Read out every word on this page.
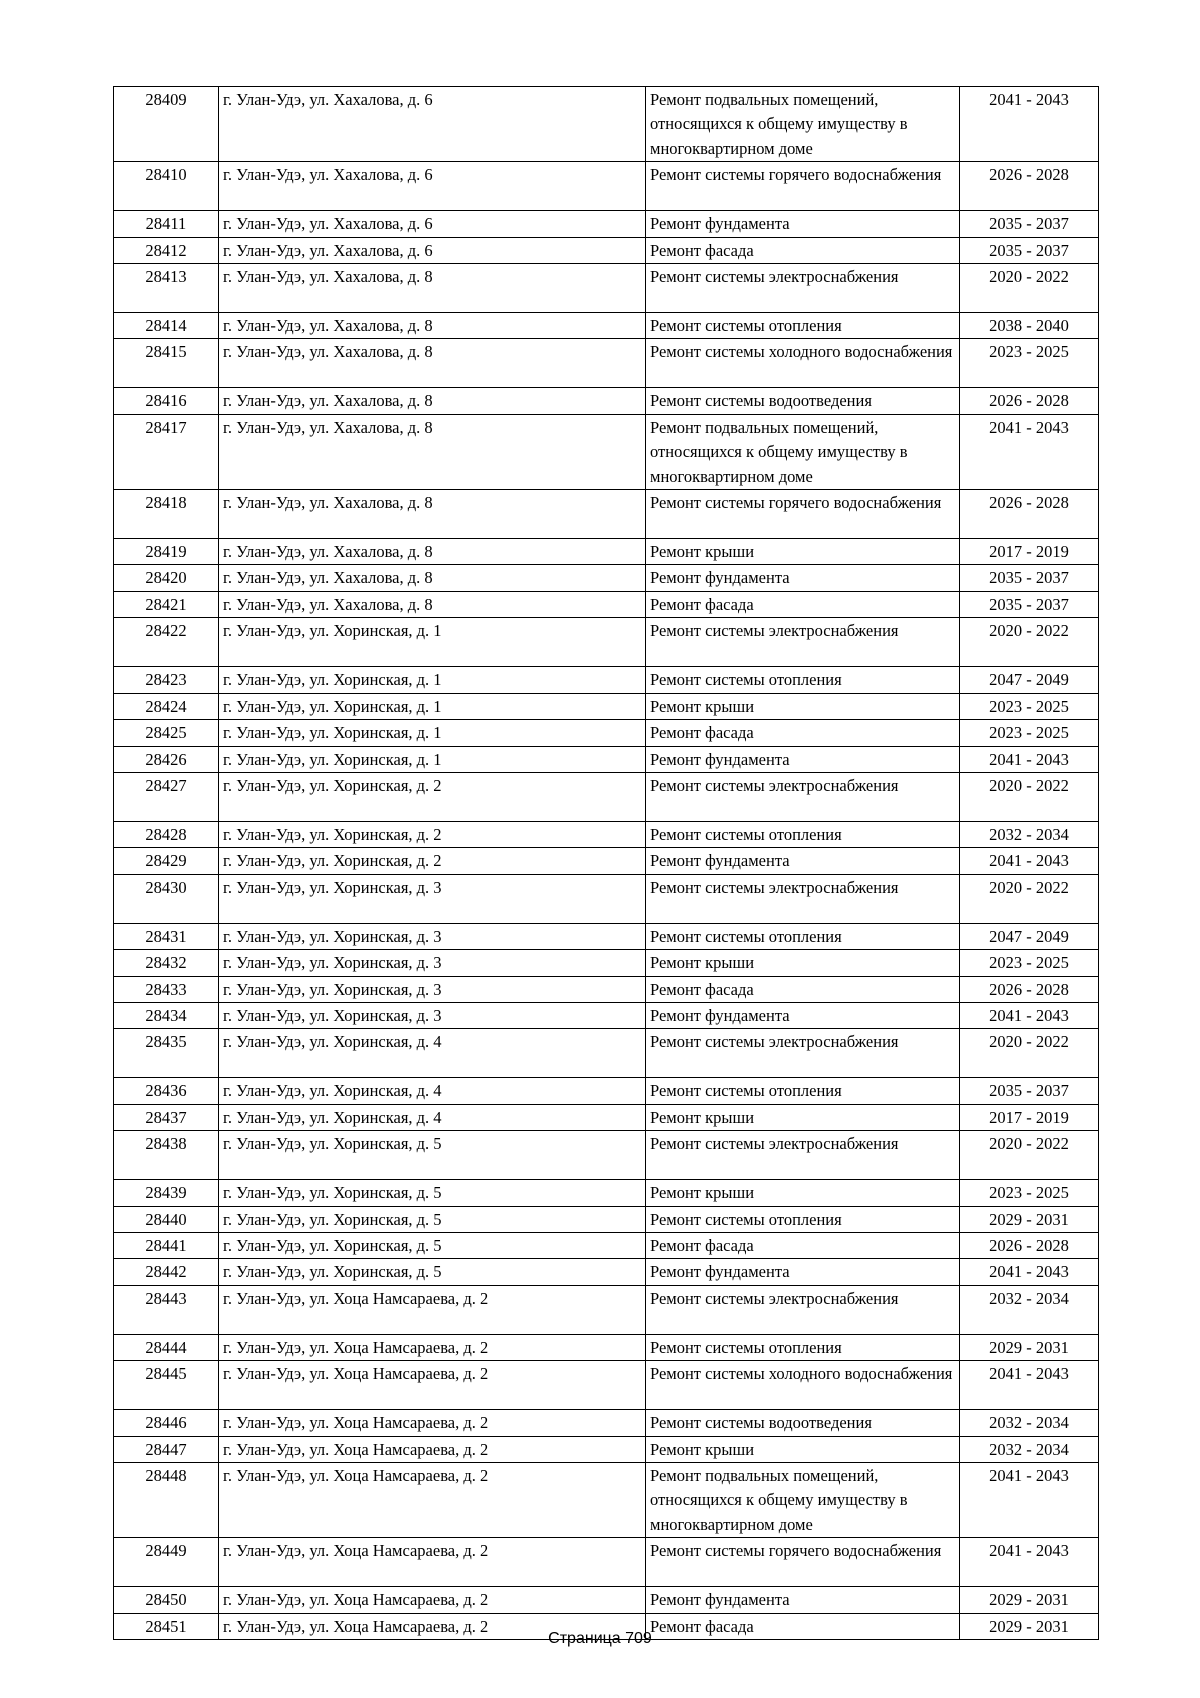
28409	г. Улан-Удэ, ул. Хахалова, д. 6	Ремонт подвальных помещений, относящихся к общему имуществу в многоквартирном доме	2041 - 2043
28410	г. Улан-Удэ, ул. Хахалова, д. 6	Ремонт системы горячего водоснабжения	2026 - 2028
28411	г. Улан-Удэ, ул. Хахалова, д. 6	Ремонт фундамента	2035 - 2037
28412	г. Улан-Удэ, ул. Хахалова, д. 6	Ремонт фасада	2035 - 2037
28413	г. Улан-Удэ, ул. Хахалова, д. 8	Ремонт системы электроснабжения	2020 - 2022
28414	г. Улан-Удэ, ул. Хахалова, д. 8	Ремонт системы отопления	2038 - 2040
28415	г. Улан-Удэ, ул. Хахалова, д. 8	Ремонт системы холодного водоснабжения	2023 - 2025
28416	г. Улан-Удэ, ул. Хахалова, д. 8	Ремонт системы водоотведения	2026 - 2028
28417	г. Улан-Удэ, ул. Хахалова, д. 8	Ремонт подвальных помещений, относящихся к общему имуществу в многоквартирном доме	2041 - 2043
28418	г. Улан-Удэ, ул. Хахалова, д. 8	Ремонт системы горячего водоснабжения	2026 - 2028
28419	г. Улан-Удэ, ул. Хахалова, д. 8	Ремонт крыши	2017 - 2019
28420	г. Улан-Удэ, ул. Хахалова, д. 8	Ремонт фундамента	2035 - 2037
28421	г. Улан-Удэ, ул. Хахалова, д. 8	Ремонт фасада	2035 - 2037
28422	г. Улан-Удэ, ул. Хоринская, д. 1	Ремонт системы электроснабжения	2020 - 2022
28423	г. Улан-Удэ, ул. Хоринская, д. 1	Ремонт системы отопления	2047 - 2049
28424	г. Улан-Удэ, ул. Хоринская, д. 1	Ремонт крыши	2023 - 2025
28425	г. Улан-Удэ, ул. Хоринская, д. 1	Ремонт фасада	2023 - 2025
28426	г. Улан-Удэ, ул. Хоринская, д. 1	Ремонт фундамента	2041 - 2043
28427	г. Улан-Удэ, ул. Хоринская, д. 2	Ремонт системы электроснабжения	2020 - 2022
28428	г. Улан-Удэ, ул. Хоринская, д. 2	Ремонт системы отопления	2032 - 2034
28429	г. Улан-Удэ, ул. Хоринская, д. 2	Ремонт фундамента	2041 - 2043
28430	г. Улан-Удэ, ул. Хоринская, д. 3	Ремонт системы электроснабжения	2020 - 2022
28431	г. Улан-Удэ, ул. Хоринская, д. 3	Ремонт системы отопления	2047 - 2049
28432	г. Улан-Удэ, ул. Хоринская, д. 3	Ремонт крыши	2023 - 2025
28433	г. Улан-Удэ, ул. Хоринская, д. 3	Ремонт фасада	2026 - 2028
28434	г. Улан-Удэ, ул. Хоринская, д. 3	Ремонт фундамента	2041 - 2043
28435	г. Улан-Удэ, ул. Хоринская, д. 4	Ремонт системы электроснабжения	2020 - 2022
28436	г. Улан-Удэ, ул. Хоринская, д. 4	Ремонт системы отопления	2035 - 2037
28437	г. Улан-Удэ, ул. Хоринская, д. 4	Ремонт крыши	2017 - 2019
28438	г. Улан-Удэ, ул. Хоринская, д. 5	Ремонт системы электроснабжения	2020 - 2022
28439	г. Улан-Удэ, ул. Хоринская, д. 5	Ремонт крыши	2023 - 2025
28440	г. Улан-Удэ, ул. Хоринская, д. 5	Ремонт системы отопления	2029 - 2031
28441	г. Улан-Удэ, ул. Хоринская, д. 5	Ремонт фасада	2026 - 2028
28442	г. Улан-Удэ, ул. Хоринская, д. 5	Ремонт фундамента	2041 - 2043
28443	г. Улан-Удэ, ул. Хоца Намсараева, д. 2	Ремонт системы электроснабжения	2032 - 2034
28444	г. Улан-Удэ, ул. Хоца Намсараева, д. 2	Ремонт системы отопления	2029 - 2031
28445	г. Улан-Удэ, ул. Хоца Намсараева, д. 2	Ремонт системы холодного водоснабжения	2041 - 2043
28446	г. Улан-Удэ, ул. Хоца Намсараева, д. 2	Ремонт системы водоотведения	2032 - 2034
28447	г. Улан-Удэ, ул. Хоца Намсараева, д. 2	Ремонт крыши	2032 - 2034
28448	г. Улан-Удэ, ул. Хоца Намсараева, д. 2	Ремонт подвальных помещений, относящихся к общему имуществу в многоквартирном доме	2041 - 2043
28449	г. Улан-Удэ, ул. Хоца Намсараева, д. 2	Ремонт системы горячего водоснабжения	2041 - 2043
28450	г. Улан-Удэ, ул. Хоца Намсараева, д. 2	Ремонт фундамента	2029 - 2031
28451	г. Улан-Удэ, ул. Хоца Намсараева, д. 2	Ремонт фасада	2029 - 2031
Страница 709
